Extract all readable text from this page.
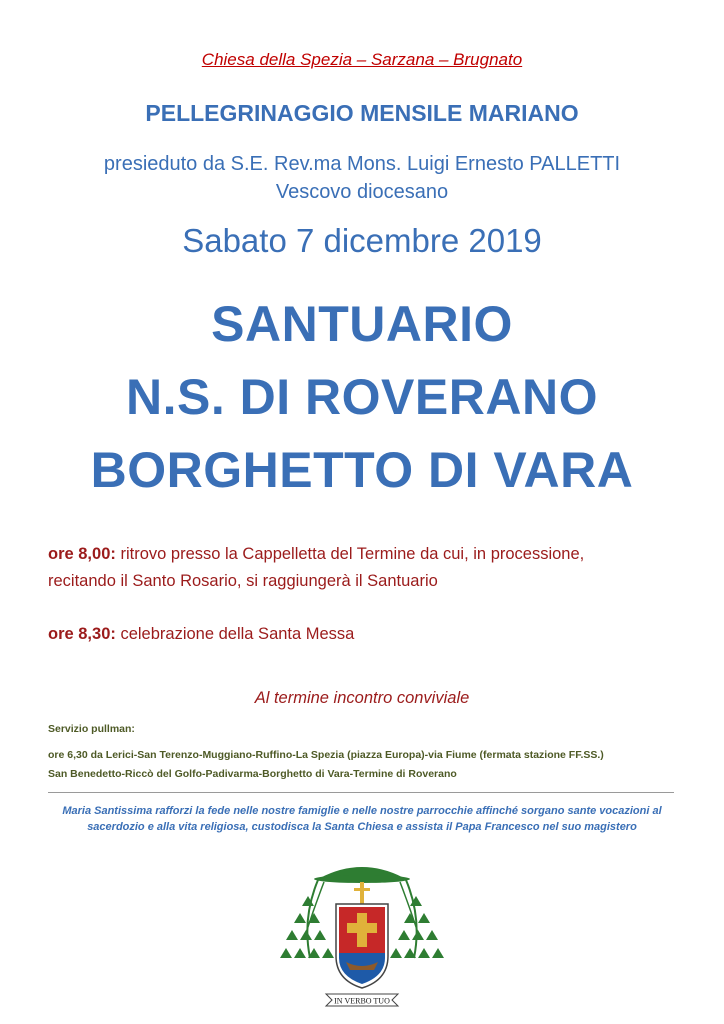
Chiesa della Spezia – Sarzana – Brugnato
PELLEGRINAGGIO MENSILE MARIANO
presieduto da S.E. Rev.ma Mons. Luigi Ernesto PALLETTI
Vescovo diocesano
Sabato 7 dicembre 2019
SANTUARIO
N.S. DI ROVERANO
BORGHETTO DI VARA
ore 8,00: ritrovo presso la Cappelletta del Termine da cui, in processione,
recitando il Santo Rosario, si raggiungerà il Santuario
ore 8,30: celebrazione della Santa Messa
Al termine incontro conviviale
Servizio pullman:
ore 6,30 da Lerici-San Terenzo-Muggiano-Ruffino-La Spezia (piazza Europa)-via Fiume (fermata stazione FF.SS.)
San Benedetto-Riccò del Golfo-Padivarma-Borghetto di Vara-Termine di Roverano
Maria Santissima rafforzi la fede nelle nostre famiglie e nelle nostre parrocchie affinché sorgano sante vocazioni al
sacerdozio e alla vita religiosa, custodisca la Santa Chiesa e assista il Papa Francesco nel suo magistero
IN VERBO TUO
